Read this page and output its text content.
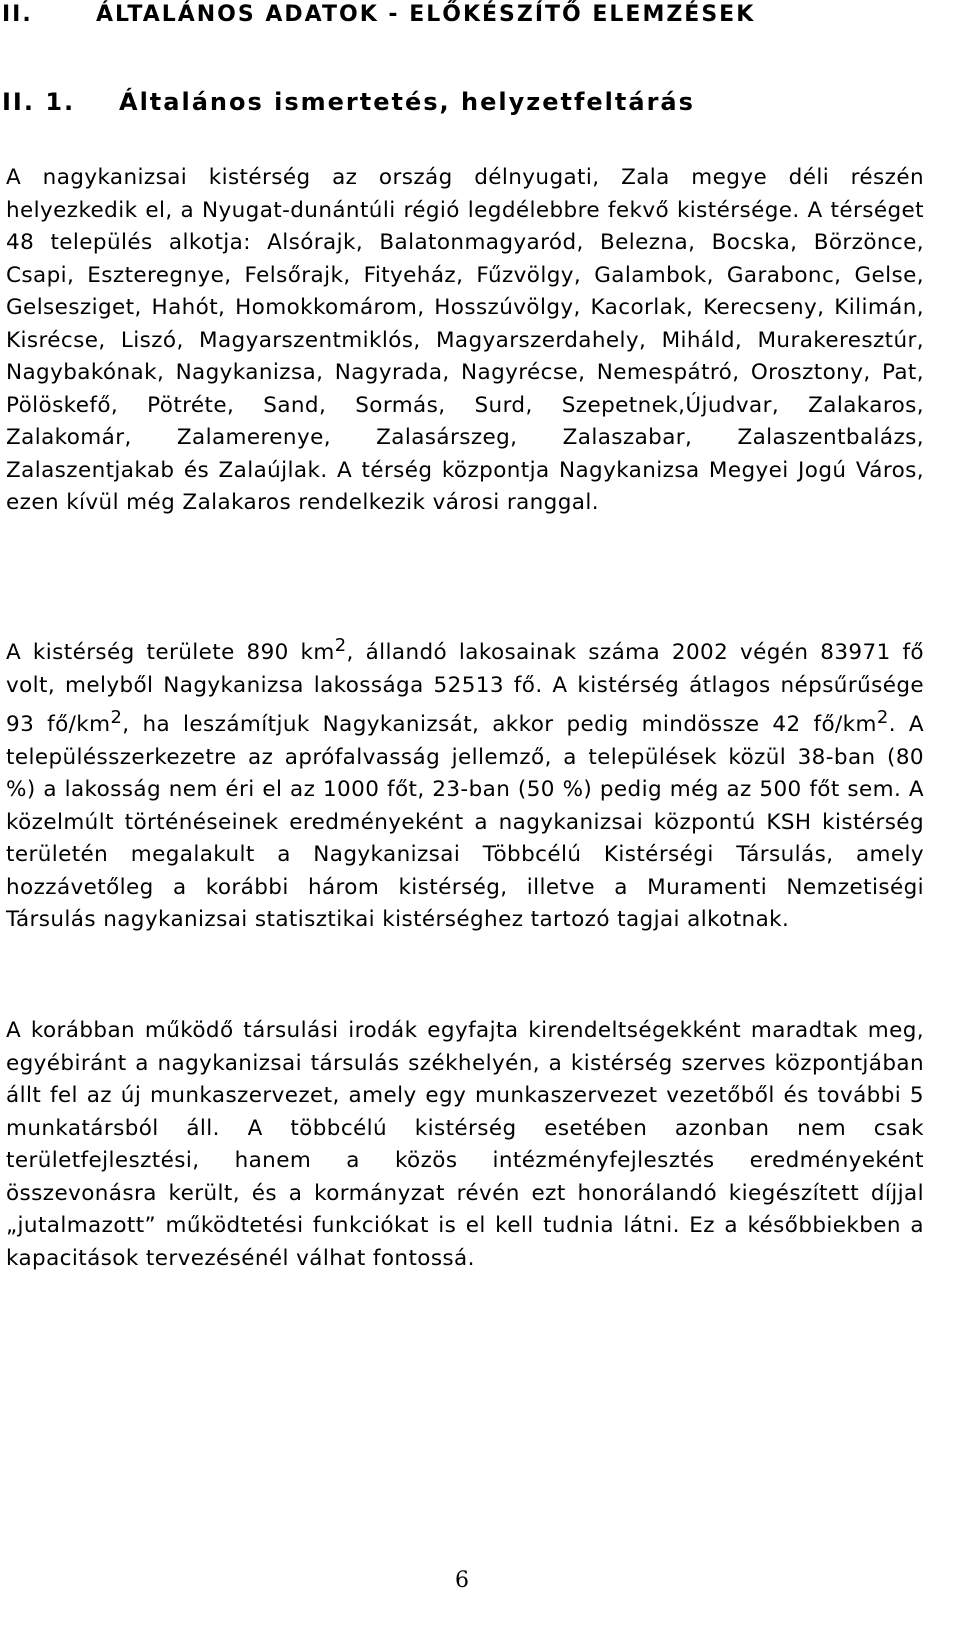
II.	ÁLTALÁNOS ADATOK - ELŐKÉSZÍTŐ ELEMZÉSEK
II. 1. Általános ismertetés, helyzetfeltárás

A nagykanizsai kistérség az ország délnyugati, Zala megye déli részén helyezkedik el, a Nyugat-dunántúli régió legdélebbre fekvő kistérsége. A térséget 48 település alkotja: Alsórajk, Balatonmagyaród, Belezna, Bocska, Börzönce, Csapi, Eszteregnye, Felsőrajk, Fityeház, Fűzvölgy, Galambok, Garabonc, Gelse, Gelsesziget, Hahót, Homokkomárom, Hosszúvölgy, Kacorlak, Kerecseny, Kilimán, Kisrécse, Liszó, Magyarszentmiklós, Magyarszerdahely, Miháld, Murakeresztúr, Nagybakónak, Nagykanizsa, Nagyrada, Nagyrécse, Nemespátró, Orosztony, Pat, Pölöskefő, Pötréte, Sand, Sormás, Surd, Szepetnek,Újudvar, Zalakaros, Zalakomár, Zalamerenye, Zalasárszeg, Zalaszabar, Zalaszentbalázs, Zalaszentjakab és Zalaújlak. A térség központja Nagykanizsa Megyei Jogú Város, ezen kívül még Zalakaros rendelkezik városi ranggal.

A kistérség területe 890 $km^2$, állandó lakosainak száma 2002 végén 83971 fő volt, melyből Nagykanizsa lakossága 52513 fő. A kistérség átlagos népsűrűsége 93 $fő/km^2$, ha leszámítjuk Nagykanizsát, akkor pedig mindössze 42 $fő/km^2$. A településszerkezetre az aprófalvasság jellemző, a települések közül 38-ban (80 %) a lakosság nem éri el az 1000 főt, 23-ban (50 %) pedig még az 500 főt sem. A közelmúlt történéseinek eredményeként a nagykanizsai központú KSH kistérség területén megalakult a Nagykanizsai Többcélú Kistérségi Társulás, amely hozzávetőleg a korábbi három kistérség, illetve a Muramenti Nemzetiségi Társulás nagykanizsai statisztikai kistérséghez tartozó tagjai alkotnak.

A korábban működő társulási irodák egyfajta kirendeltségekként maradtak meg, egyébiránt a nagykanizsai társulás székhelyén, a kistérség szerves központjában állt fel az új munkaszervezet, amely egy munkaszervezet vezetőből és további 5 munkatársból áll. A többcélú kistérség esetében azonban nem csak területfejlesztési, hanem a közös intézményfejlesztés eredményeként összevonásra került, és a kormányzat révén ezt honorálandó kiegészített díjjal „jutalmazott” működtetési funkciókat is el kell tudnia látni. Ez a későbbiekben a kapacitások tervezésénél válhat fontossá.

6
